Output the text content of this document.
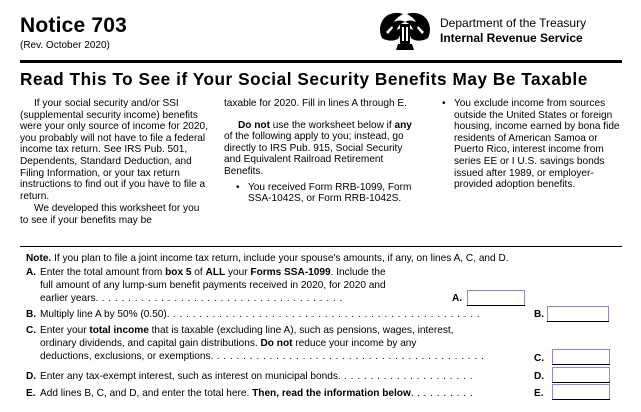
Notice 703
(Rev. October 2020)
Department of the Treasury
Internal Revenue Service
Read This To See if Your Social Security Benefits May Be Taxable

If your social security and/or SSI (supplemental security income) benefits were your only source of income for 2020, you probably will not have to file a federal income tax return. See IRS Pub. 501, Dependents, Standard Deduction, and Filing Information, or your tax return instructions to find out if you have to file a return.

We developed this worksheet for you to see if your benefits may be

taxable for 2020. Fill in lines A through E.

Do not use the worksheet below if any of the following apply to you; instead, go directly to IRS Pub. 915, Social Security and Equivalent Railroad Retirement Benefits.

• You received Form RRB-1099, Form SSA-1042S, or Form RRB-1042S.
• You exclude income from sources outside the United States or foreign housing, income earned by bona fide residents of American Samoa or Puerto Rico, interest income from series EE or I U.S. savings bonds issued after 1989, or employer-provided adoption benefits.
Note. If you plan to file a joint income tax return, include your spouse's amounts, if any, on lines A, C, and D.
A. Enter the total amount from box 5 of ALL your Forms SSA-1099. Include the
full amount of any lump-sum benefit payments received in 2020, for 2020 and
earlier years. . . . . . . . . . . . . . . . . . . . . . . . . . . . . . . . . . . . . .	A.
B. Multiply line A by 50% (0.50). . . . . . . . . . . . . . . . . . . . . . . . . . . . . . . . . . . . . . . . . . . . . . . .	B.
C. Enter your total income that is taxable (excluding line A), such as pensions, wages, interest,
ordinary dividends, and capital gain distributions. Do not reduce your income by any
deductions, exclusions, or exemptions. . . . . . . . . . . . . . . . . . . . . . . . . . . . . . . . . . . . . . . . . .	C.
D. Enter any tax-exempt interest, such as interest on municipal bonds. . . . . . . . . . . . . . . . . . . . .	D.
E. Add lines B, C, and D, and enter the total here. Then, read the information below. . . . . . . . . .	E.
